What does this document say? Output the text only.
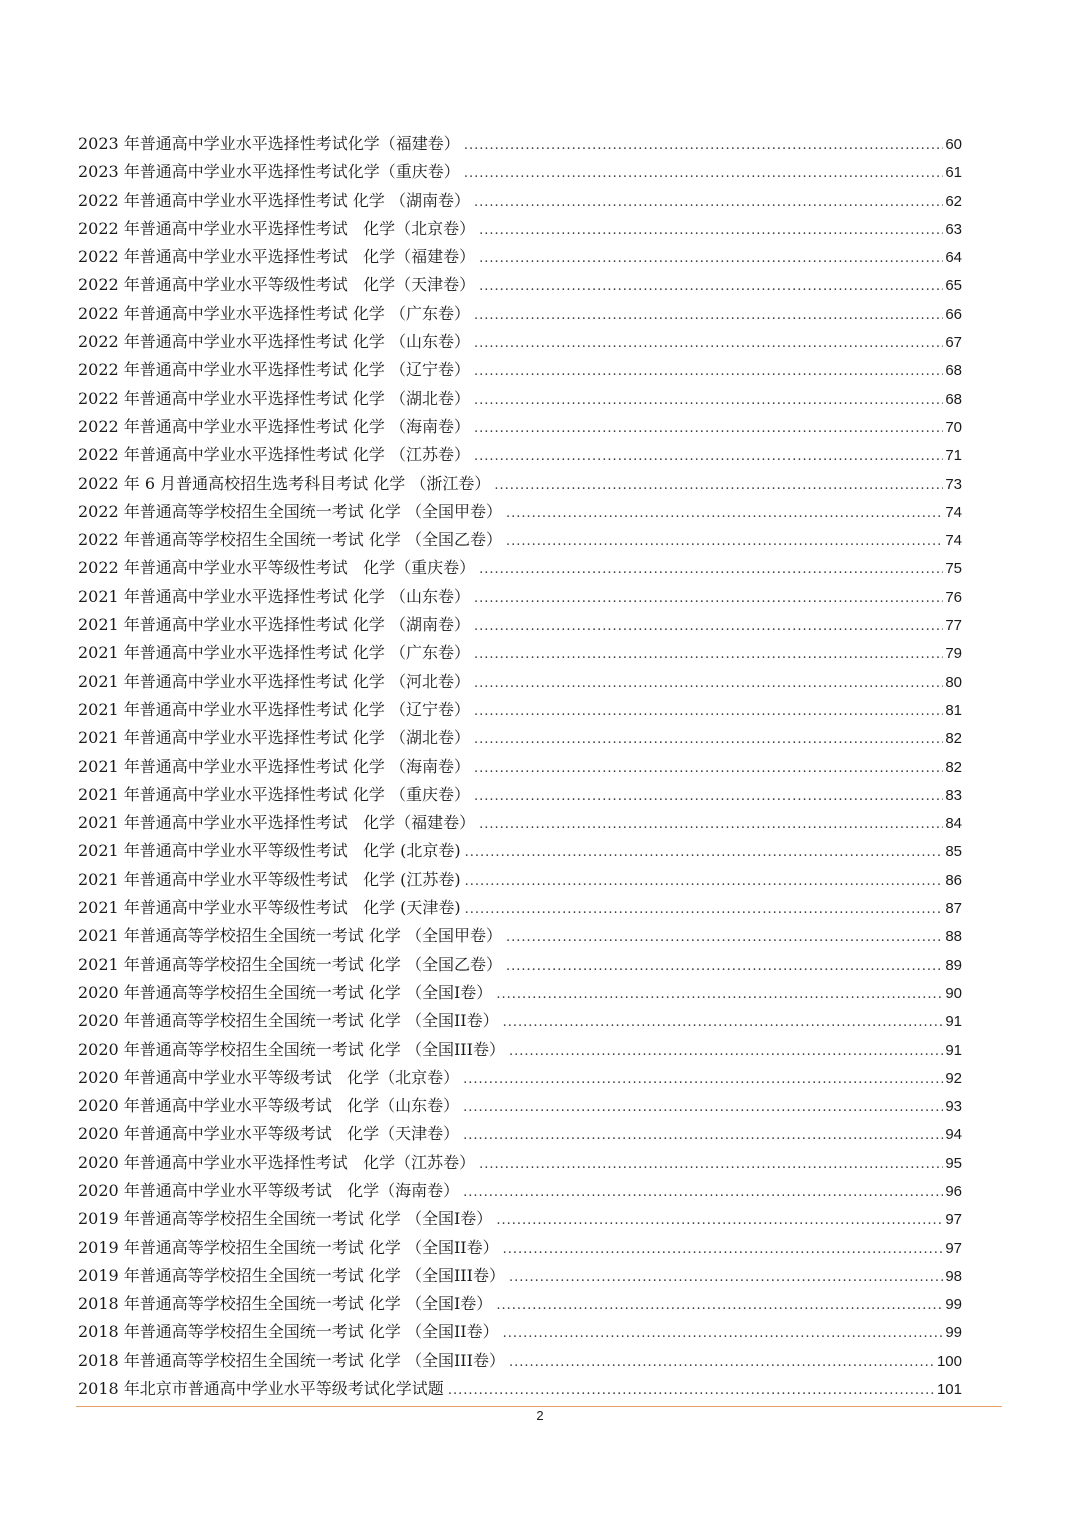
2023 年普通高中学业水平选择性考试化学（福建卷） .....	60
2023 年普通高中学业水平选择性考试化学（重庆卷） .....	61
2022 年普通高中学业水平选择性考试 化学 （湖南卷） .....	62
2022 年普通高中学业水平选择性考试   化学（北京卷） .....	63
2022 年普通高中学业水平选择性考试   化学（福建卷） .....	64
2022 年普通高中学业水平等级性考试   化学（天津卷） .....	65
2022 年普通高中学业水平选择性考试 化学 （广东卷） .....	66
2022 年普通高中学业水平选择性考试 化学 （山东卷） .....	67
2022 年普通高中学业水平选择性考试 化学 （辽宁卷） .....	68
2022 年普通高中学业水平选择性考试 化学 （湖北卷） .....	68
2022 年普通高中学业水平选择性考试 化学 （海南卷） .....	70
2022 年普通高中学业水平选择性考试 化学 （江苏卷） .....	71
2022 年 6 月普通高校招生选考科目考试 化学 （浙江卷） .....	73
2022 年普通高等学校招生全国统一考试 化学 （全国甲卷） .....	74
2022 年普通高等学校招生全国统一考试 化学 （全国乙卷） .....	74
2022 年普通高中学业水平等级性考试   化学（重庆卷） .....	75
2021 年普通高中学业水平选择性考试 化学 （山东卷） .....	76
2021 年普通高中学业水平选择性考试 化学 （湖南卷） .....	77
2021 年普通高中学业水平选择性考试 化学 （广东卷） .....	79
2021 年普通高中学业水平选择性考试 化学 （河北卷） .....	80
2021 年普通高中学业水平选择性考试 化学 （辽宁卷） .....	81
2021 年普通高中学业水平选择性考试 化学 （湖北卷） .....	82
2021 年普通高中学业水平选择性考试 化学 （海南卷） .....	82
2021 年普通高中学业水平选择性考试 化学 （重庆卷） .....	83
2021 年普通高中学业水平选择性考试   化学（福建卷） .....	84
2021 年普通高中学业水平等级性考试   化学 (北京卷) .....	85
2021 年普通高中学业水平等级性考试   化学 (江苏卷) .....	86
2021 年普通高中学业水平等级性考试   化学 (天津卷) .....	87
2021 年普通高等学校招生全国统一考试 化学 （全国甲卷） .....	88
2021 年普通高等学校招生全国统一考试 化学 （全国乙卷） .....	89
2020 年普通高等学校招生全国统一考试 化学 （全国I卷） .....	90
2020 年普通高等学校招生全国统一考试 化学 （全国II卷） .....	91
2020 年普通高等学校招生全国统一考试 化学 （全国III卷） .....	91
2020 年普通高中学业水平等级考试   化学（北京卷） .....	92
2020 年普通高中学业水平等级考试   化学（山东卷） .....	93
2020 年普通高中学业水平等级考试   化学（天津卷） .....	94
2020 年普通高中学业水平选择性考试   化学（江苏卷） .....	95
2020 年普通高中学业水平等级考试   化学（海南卷） .....	96
2019 年普通高等学校招生全国统一考试 化学 （全国I卷） .....	97
2019 年普通高等学校招生全国统一考试 化学 （全国II卷） .....	97
2019 年普通高等学校招生全国统一考试 化学 （全国III卷） .....	98
2018 年普通高等学校招生全国统一考试 化学 （全国I卷） .....	99
2018 年普通高等学校招生全国统一考试 化学 （全国II卷） .....	99
2018 年普通高等学校招生全国统一考试 化学 （全国III卷） .....	100
2018 年北京市普通高中学业水平等级考试化学试题 .....	101
2
